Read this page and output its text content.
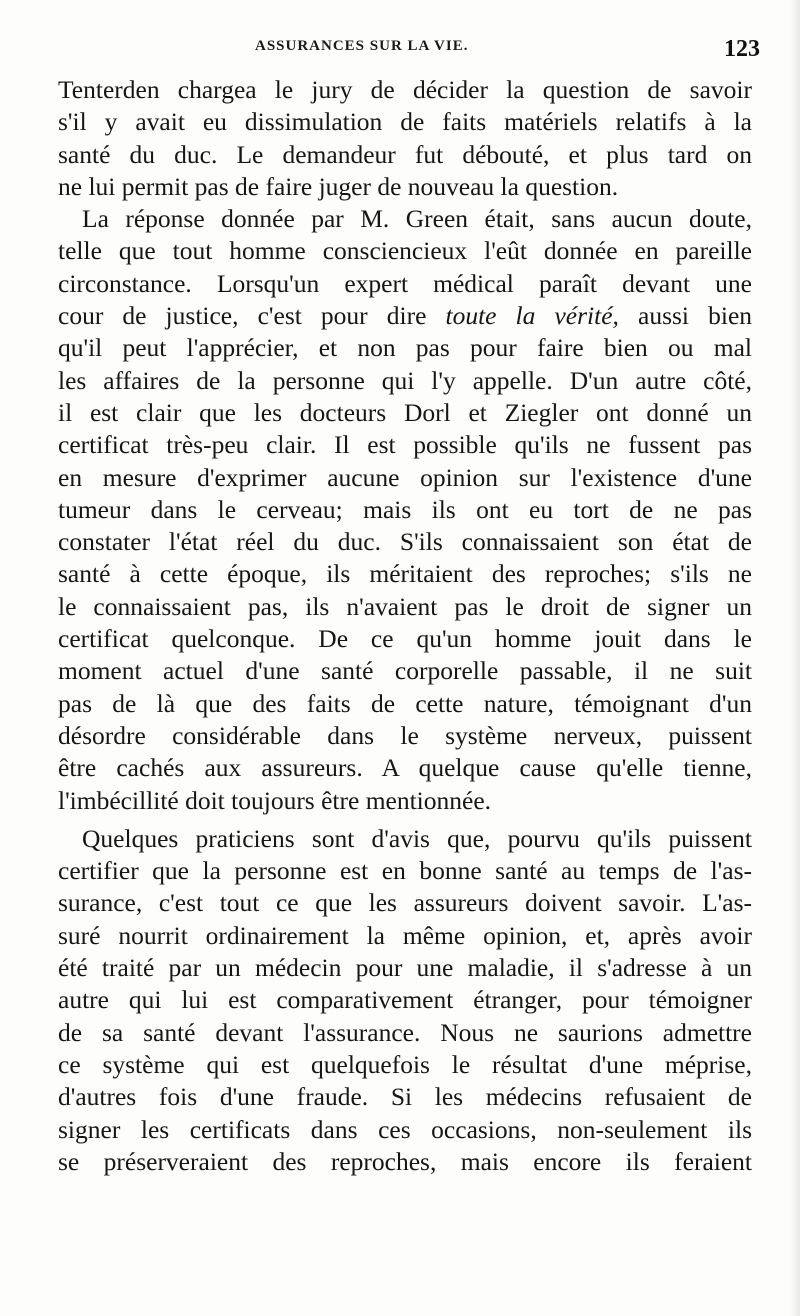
ASSURANCES SUR LA VIE.	123
Tenterden chargea le jury de décider la question de savoir
s'il y avait eu dissimulation de faits matériels relatifs à la
santé du duc. Le demandeur fut débouté, et plus tard on
ne lui permit pas de faire juger de nouveau la question.
La réponse donnée par M. Green était, sans aucun doute,
telle que tout homme consciencieux l'eût donnée en pareille
circonstance. Lorsqu'un expert médical paraît devant une
cour de justice, c'est pour dire toute la vérité, aussi bien
qu'il peut l'apprécier, et non pas pour faire bien ou mal
les affaires de la personne qui l'y appelle. D'un autre côté,
il est clair que les docteurs Dorl et Ziegler ont donné un
certificat très-peu clair. Il est possible qu'ils ne fussent pas
en mesure d'exprimer aucune opinion sur l'existence d'une
tumeur dans le cerveau; mais ils ont eu tort de ne pas
constater l'état réel du duc. S'ils connaissaient son état de
santé à cette époque, ils méritaient des reproches; s'ils ne
le connaissaient pas, ils n'avaient pas le droit de signer un
certificat quelconque. De ce qu'un homme jouit dans le
moment actuel d'une santé corporelle passable, il ne suit
pas de là que des faits de cette nature, témoignant d'un
désordre considérable dans le système nerveux, puissent
être cachés aux assureurs. A quelque cause qu'elle tienne,
l'imbécillité doit toujours être mentionnée.
Quelques praticiens sont d'avis que, pourvu qu'ils puissent
certifier que la personne est en bonne santé au temps de l'as-
surance, c'est tout ce que les assureurs doivent savoir. L'as-
suré nourrit ordinairement la même opinion, et, après avoir
été traité par un médecin pour une maladie, il s'adresse à un
autre qui lui est comparativement étranger, pour témoigner
de sa santé devant l'assurance. Nous ne saurions admettre
ce système qui est quelquefois le résultat d'une méprise,
d'autres fois d'une fraude. Si les médecins refusaient de
signer les certificats dans ces occasions, non-seulement ils
se préserveraient des reproches, mais encore ils feraient
